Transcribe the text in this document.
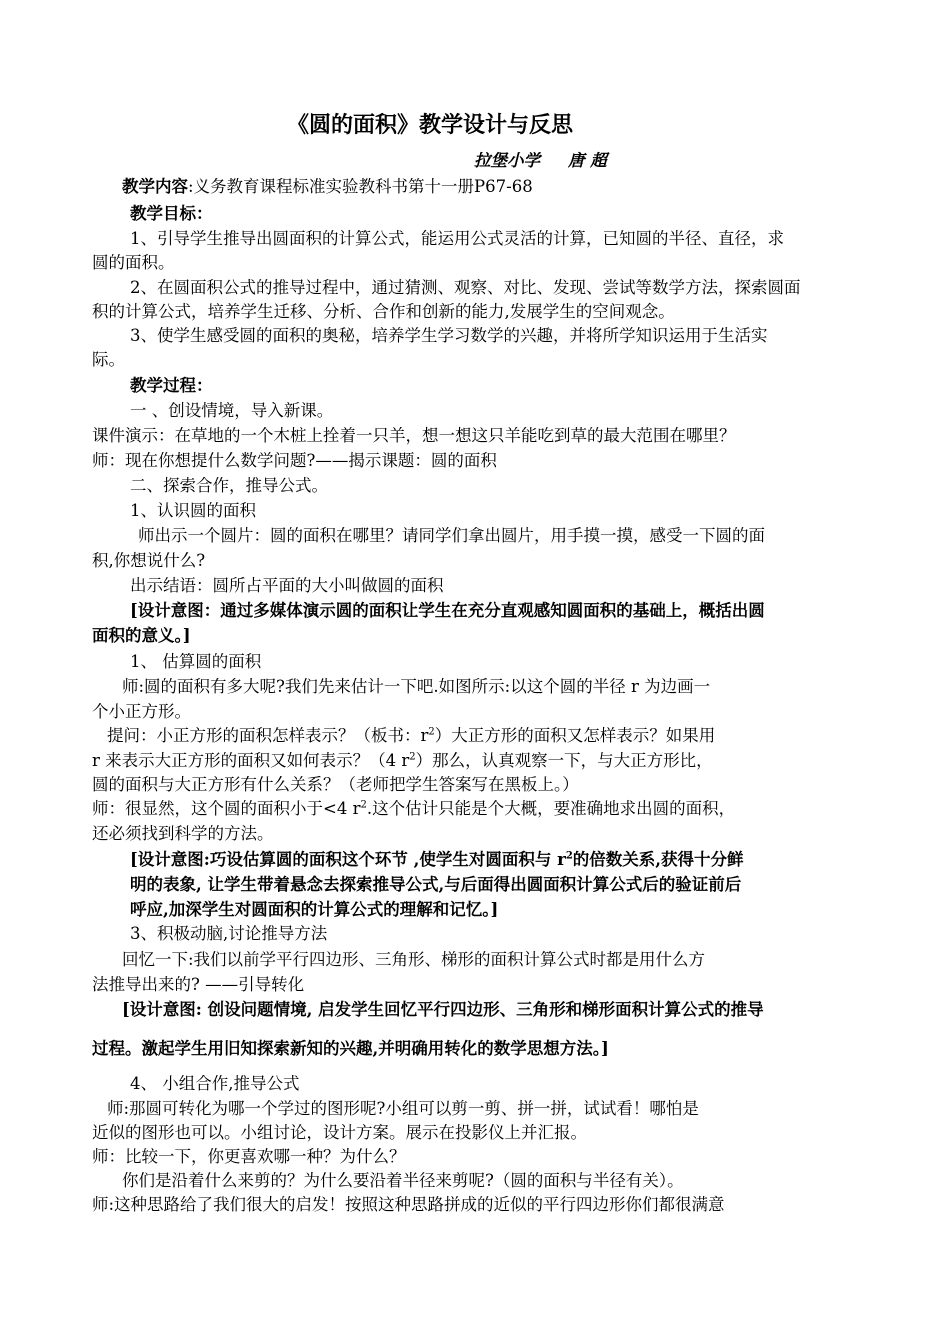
《圆的面积》教学设计与反思
拉堡小学 唐 超
教学内容:义务教育课程标准实验教科书第十一册P67-68
教学目标：
1、引导学生推导出圆面积的计算公式，能运用公式灵活的计算，已知圆的半径、直径，求
圆的面积。
2、在圆面积公式的推导过程中，通过猜测、观察、对比、发现、尝试等数学方法，探索圆面
积的计算公式，培养学生迁移、分析、合作和创新的能力,发展学生的空间观念。
3、使学生感受圆的面积的奥秘，培养学生学习数学的兴趣，并将所学知识运用于生活实
际。
教学过程：
一 、创设情境，导入新课。
课件演示：在草地的一个木桩上拴着一只羊，想一想这只羊能吃到草的最大范围在哪里？
师：现在你想提什么数学问题?——揭示课题：圆的面积
二、探索合作，推导公式。
1、认识圆的面积
师出示一个圆片：圆的面积在哪里？请同学们拿出圆片，用手摸一摸，感受一下圆的面
积,你想说什么?
出示结语：圆所占平面的大小叫做圆的面积
[设计意图：通过多媒体演示圆的面积让学生在充分直观感知圆面积的基础上，概括出圆
面积的意义。]
1、 估算圆的面积
师:圆的面积有多大呢?我们先来估计一下吧.如图所示:以这个圆的半径 r 为边画一
个小正方形。
提问：小正方形的面积怎样表示？（板书：$r^2$）大正方形的面积又怎样表示？如果用
r 来表示大正方形的面积又如何表示？（4 $r^2$）那么，认真观察一下，与大正方形比，
圆的面积与大正方形有什么关系？（老师把学生答案写在黑板上。）
师：很显然，这个圆的面积小于<4 $r^2$.这个估计只能是个大概，要准确地求出圆的面积，
还必须找到科学的方法。
[设计意图:巧设估算圆的面积这个环节 ,使学生对圆面积与 $r^2$的倍数关系,获得十分鲜
明的表象, 让学生带着悬念去探索推导公式,与后面得出圆面积计算公式后的验证前后
呼应,加深学生对圆面积的计算公式的理解和记忆。]
3、积极动脑,讨论推导方法
回忆一下:我们以前学平行四边形、三角形、梯形的面积计算公式时都是用什么方
法推导出来的? ——引导转化
[设计意图: 创设问题情境, 启发学生回忆平行四边形、三角形和梯形面积计算公式的推导
过程。激起学生用旧知探索新知的兴趣,并明确用转化的数学思想方法。]
4、 小组合作,推导公式
师:那圆可转化为哪一个学过的图形呢?小组可以剪一剪、拼一拼，试试看！哪怕是
近似的图形也可以。小组讨论，设计方案。展示在投影仪上并汇报。
师：比较一下，你更喜欢哪一种？为什么？
你们是沿着什么来剪的？为什么要沿着半径来剪呢?（圆的面积与半径有关）。
师:这种思路给了我们很大的启发！按照这种思路拼成的近似的平行四边形你们都很满意
